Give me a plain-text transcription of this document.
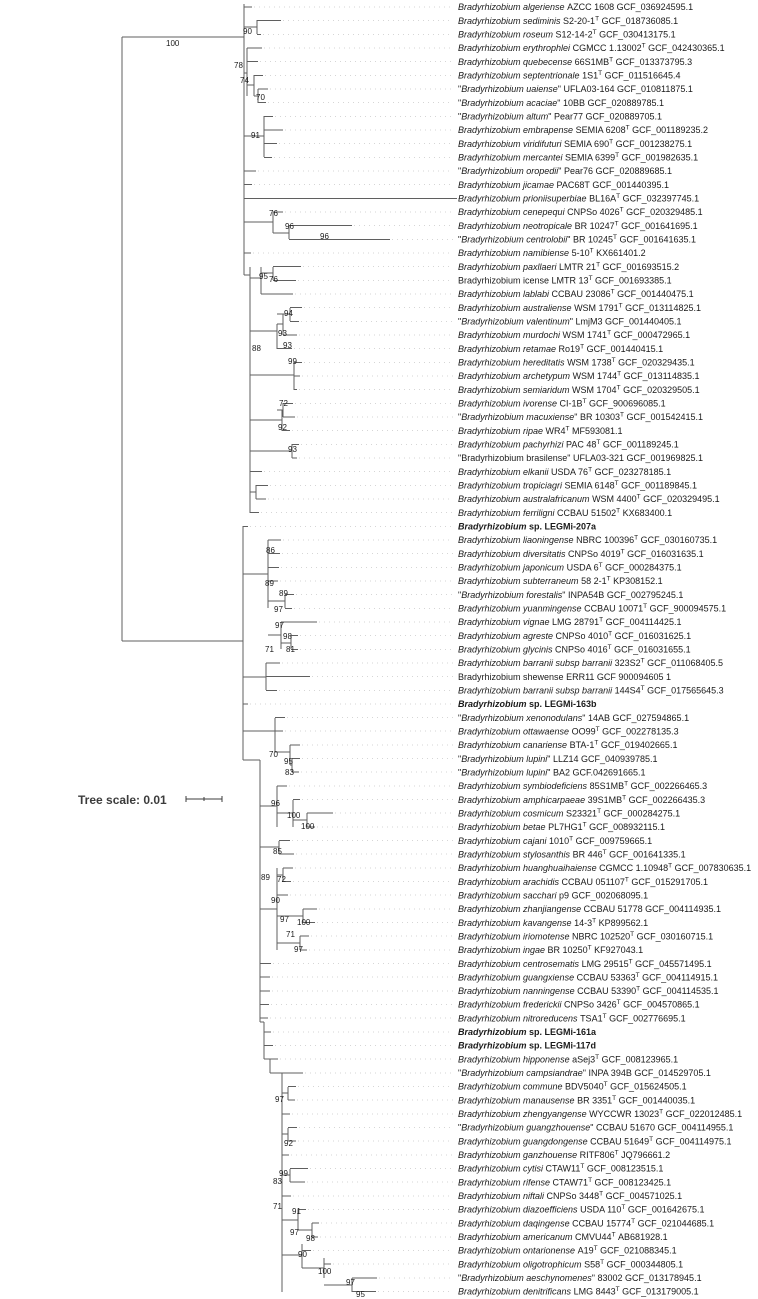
100
90
78
74
70
91
76
96
96
95 76
94
93
88	93
99
72
92
93
86
89
89
97
97
98
71 81
70
95
83
96
100
100
85
89 72
90
97 100
71
97
97
92
99
83
71
91
97
98
90
100
97
95
Bradyrhizobium algeriense AZCC 1608 GCF_036924595.1
Bradyrhizobium sediminis $S2-20-1^T$ GCF_018736085.1
Bradyrhizobium roseum $S12-14-2^T$ GCF_030413175.1
Bradyrhizobium erythrophlei CGMCC $1.13002^T$ GCF_042430365.1
Bradyrhizobium quebecense $66S1MB^T$ GCF_013373795.3
Bradyrhizobium septentrionale $1S1^T$ GCF_011516645.4
"Bradyrhizobium uaiense" UFLA03-164 GCF_010811875.1
"Bradyrhizobium acaciae" 10BB GCF_020889785.1
"Bradyrhizobium altum" Pear77 GCF_020889705.1
Bradyrhizobium embrapense SEMIA $6208^T$ GCF_001189235.2
Bradyrhizobium viridifuturi SEMIA $690^T$ GCF_001238275.1
Bradyrhizobium mercantei SEMIA $6399^T$ GCF_001982635.1
"Bradyrhizobium oropedii" Pear76 GCF_020889685.1
Bradyrhizobium jicamae PAC68T GCF_001440395.1
Bradyrhizobium prioniisuperbiae $BL16A^T$ GCF_032397745.1
Bradyrhizobium cenepequi CNPSo $4026^T$ GCF_020329485.1
Bradyrhizobium neotropicale BR $10247^T$ GCF_001641695.1
"Bradyrhizobium centrolobii" BR $10245^T$ GCF_001641635.1
Bradyrhizobium namibiense $5-10^T$ KX661401.2
Bradyrhizobium paxllaeri LMTR $21^T$ GCF_001693515.2
Bradyrhizobium icense LMTR $13^T$ GCF_001693385.1
Bradyrhizobium lablabi CCBAU $23086^T$ GCF_001440475.1
Bradyrhizobium australiense WSM $1791^T$ GCF_013114825.1
"Bradyrhizobium valentinum" LmjM3 GCF_001440405.1
Bradyrhizobium murdochi WSM $1741^T$ GCF_000472965.1
Bradyrhizobium retamae $Ro19^T$ GCF_001440415.1
Bradyrhizobium hereditatis WSM $1738^T$ GCF_020329435.1
Bradyrhizobium archetypum WSM $1744^T$ GCF_013114835.1
Bradyrhizobium semiaridum WSM $1704^T$ GCF_020329505.1
Bradyrhizobium ivorense $CI-1B^T$ GCF_900696085.1
"Bradyrhizobium macuxiense" BR $10303^T$ GCF_001542415.1
Bradyrhizobium ripae $WR4^T$ MF593081.1
Bradyrhizobium pachyrhizi PAC $48^T$ GCF_001189245.1
"Bradyrhizobium brasilense" UFLA03-321 GCF_001969825.1
Bradyrhizobium elkanii USDA $76^T$ GCF_023278185.1
Bradyrhizobium tropiciagri SEMIA $6148^T$ GCF_001189845.1
Bradyrhizobium australafricanum WSM $4400^T$ GCF_020329495.1
Bradyrhizobium ferriligni CCBAU $51502^T$ KX683400.1
Bradyrhizobium sp. LEGMi-207a
Bradyrhizobium liaoningense NBRC $100396^T$ GCF_030160735.1
Bradyrhizobium diversitatis CNPSo $4019^T$ GCF_016031635.1
Bradyrhizobium japonicum USDA $6^T$ GCF_000284375.1
Bradyrhizobium subterraneum 58 $2-1^T$ KP308152.1
"Bradyrhizobium forestalis" INPA54B GCF_002795245.1
Bradyrhizobium yuanmingense CCBAU $10071^T$ GCF_900094575.1
Bradyrhizobium vignae LMG $28791^T$ GCF_004114425.1
Bradyrhizobium agreste CNPSo $4010^T$ GCF_016031625.1
Bradyrhizobium glycinis CNPSo $4016^T$ GCF_016031655.1
Bradyrhizobium barranii subsp barranii $323S2^T$ GCF_011068405.5
Bradyrhizobium shewense ERR11 GCF 900094605 1
Bradyrhizobium barranii subsp barranii $144S4^T$ GCF_017565645.3
Bradyrhizobium sp. LEGMi-163b
"Bradyrhizobium xenonodulans" 14AB GCF_027594865.1
Bradyrhizobium ottawaense $OO99^T$ GCF_002278135.3
Bradyrhizobium canariense BTA-$1^T$ GCF_019402665.1
"Bradyrhizobium lupini" LLZ14 GCF_040939785.1
"Bradyrhizobium lupini" BA2 GCF.042691665.1
Bradyrhizobium symbiodeficiens $85S1MB^T$ GCF_002266465.3
Bradyrhizobium amphicarpaeae $39S1MB^T$ GCF_002266435.3
Bradyrhizobium cosmicum $S23321^T$ GCF_000284275.1
Bradyrhizobium betae $PL7HG1^T$ GCF_008932115.1
Bradyrhizobium cajani $1010^T$ GCF_009759665.1
Bradyrhizobium stylosanthis BR $446^T$ GCF_001641335.1
Bradyrhizobium huanghuaihaiense CGMCC $1.10948^T$ GCF_007830635.1
Bradyrhizobium arachidis CCBAU $051107^T$ GCF_015291705.1
Bradyrhizobium sacchari p9 GCF_002068095.1
Bradyrhizobium zhanjiangense CCBAU 51778 GCF_004114935.1
Bradyrhizobium kavangense $14-3^T$ KP899562.1
Bradyrhizobium iriomotense NBRC $102520^T$ GCF_030160715.1
Bradyrhizobium ingae BR $10250^T$ KF927043.1
Bradyrhizobium centrosematis LMG $29515^T$ GCF_045571495.1
Bradyrhizobium guangxiense CCBAU $53363^T$ GCF_004114915.1
Bradyrhizobium nanningense CCBAU $53390^T$ GCF_004114535.1
Bradyrhizobium frederickii CNPSo $3426^T$ GCF_004570865.1
Bradyrhizobium nitroreducens $TSA1^T$ GCF_002776695.1
Bradyrhizobium sp. LEGMi-161a
Bradyrhizobium sp. LEGMi-117d
Bradyrhizobium hipponense $aSej3^T$ GCF_008123965.1
"Bradyrhizobium campsiandrae" INPA 394B GCF_014529705.1
Bradyrhizobium commune $BDV5040^T$ GCF_015624505.1
Bradyrhizobium manausense BR $3351^T$ GCF_001440035.1
Bradyrhizobium zhengyangense WYCCWR $13023^T$ GCF_022012485.1
"Bradyrhizobium guangzhouense" CCBAU 51670 GCF_004114955.1
Bradyrhizobium guangdongense CCBAU $51649^T$ GCF_004114975.1
Bradyrhizobium ganzhouense $RITF806^T$ JQ796661.2
Bradyrhizobium cytisi $CTAW11^T$ GCF_008123515.1
Bradyrhizobium rifense $CTAW71^T$ GCF_008123425.1
Bradyrhizobium niftali CNPSo $3448^T$ GCF_004571025.1
Bradyrhizobium diazoefficiens USDA $110^T$ GCF_001642675.1
Bradyrhizobium daqingense CCBAU $15774^T$ GCF_021044685.1
Bradyrhizobium americanum $CMVU44^T$ AB681928.1
Bradyrhizobium ontarionense $A19^T$ GCF_021088345.1
Bradyrhizobium oligotrophicum $S58^T$ GCF_000344805.1
"Bradyrhizobium aeschynomenes" 83002 GCF_013178945.1
Bradyrhizobium denitrificans LMG $8443^T$ GCF_013179005.1
Tree scale: 0.01
